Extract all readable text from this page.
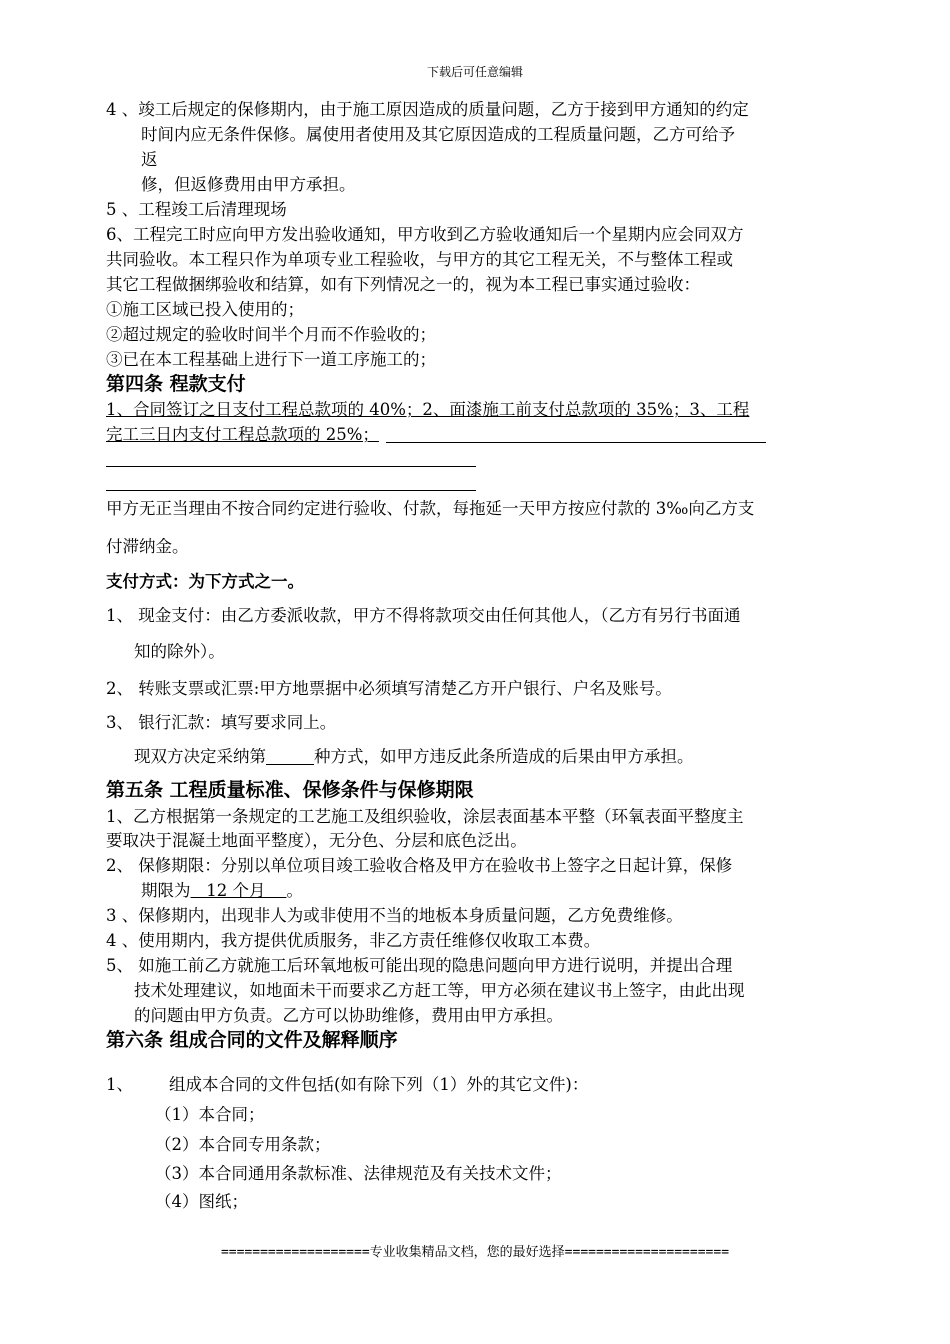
下载后可任意编辑
4 、竣工后规定的保修期内，由于施工原因造成的质量问题，乙方于接到甲方通知的约定
时间内应无条件保修。属使用者使用及其它原因造成的工程质量问题，乙方可给予
返
修，但返修费用由甲方承担。
5 、工程竣工后清理现场
6、工程完工时应向甲方发出验收通知，甲方收到乙方验收通知后一个星期内应会同双方
共同验收。本工程只作为单项专业工程验收，与甲方的其它工程无关，不与整体工程或
其它工程做捆绑验收和结算，如有下列情况之一的，视为本工程已事实通过验收：
①施工区域已投入使用的；
②超过规定的验收时间半个月而不作验收的；
③已在本工程基础上进行下一道工序施工的；
第四条 程款支付
1、合同签订之日支付工程总款项的 40%；2、面漆施工前支付总款项的 35%；3、工程
完工三日内支付工程总款项的 25%；
甲方无正当理由不按合同约定进行验收、付款，每拖延一天甲方按应付款的 3‰向乙方支
付滞纳金。
支付方式：为下方式之一。
1、 现金支付：由乙方委派收款，甲方不得将款项交由任何其他人，（乙方有另行书面通
知的除外）。
2、 转账支票或汇票:甲方地票据中必须填写清楚乙方开户银行、户名及账号。
3、 银行汇款：填写要求同上。
现双方决定采纳第	种方式，如甲方违反此条所造成的后果由甲方承担。
第五条 工程质量标准、保修条件与保修期限
1、乙方根据第一条规定的工艺施工及组织验收，涂层表面基本平整（环氧表面平整度主
要取决于混凝土地面平整度），无分色、分层和底色泛出。
2、 保修期限：分别以单位项目竣工验收合格及甲方在验收书上签字之日起计算，保修
期限为   12 个月    。
3 、保修期内，出现非人为或非使用不当的地板本身质量问题，乙方免费维修。
4 、使用期内，我方提供优质服务，非乙方责任维修仅收取工本费。
5、 如施工前乙方就施工后环氧地板可能出现的隐患问题向甲方进行说明，并提出合理
技术处理建议，如地面未干而要求乙方赶工等，甲方必须在建议书上签字，由此出现
的问题由甲方负责。乙方可以协助维修，费用由甲方承担。
第六条 组成合同的文件及解释顺序
1、 组成本合同的文件包括(如有除下列（1）外的其它文件)：
（1）本合同；
（2）本合同专用条款；
（3）本合同通用条款标准、法律规范及有关技术文件；
（4）图纸；
===================专业收集精品文档，您的最好选择=====================
